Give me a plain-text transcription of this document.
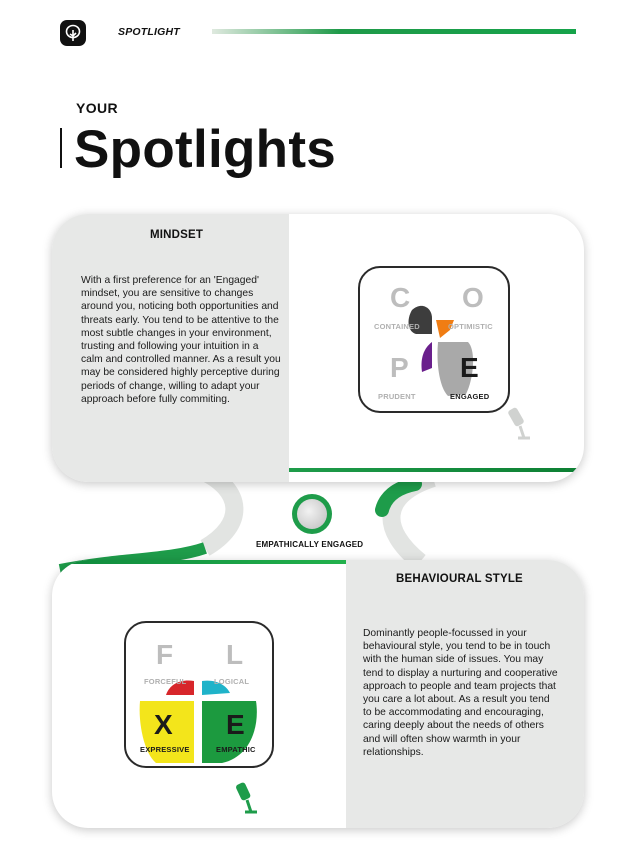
SPOTLIGHT
YOUR
Spotlights
MINDSET
With a first preference for an 'Engaged' mindset, you are sensitive to changes around you, noticing both opportunities and threats early. You tend to be attentive to the most subtle changes in your environment, trusting and following your intuition in a calm and controlled manner. As a result you may be considered highly perceptive during periods of change, willing to adapt your approach before fully commiting.
C O
P E
CONTAINED	OPTIMISTIC
PRUDENT	ENGAGED
EMPATHICALLY ENGAGED
BEHAVIOURAL STYLE
Dominantly people-focussed in your behavioural style, you tend to be in touch with the human side of issues. You may tend to display a nurturing and cooperative approach to people and team projects that you care a lot about. As a result you tend to be accommodating and encouraging, caring deeply about the needs of others and will often show warmth in your relationships.
F L
X E
FORCEFUL	LOGICAL
EXPRESSIVE	EMPATHIC
